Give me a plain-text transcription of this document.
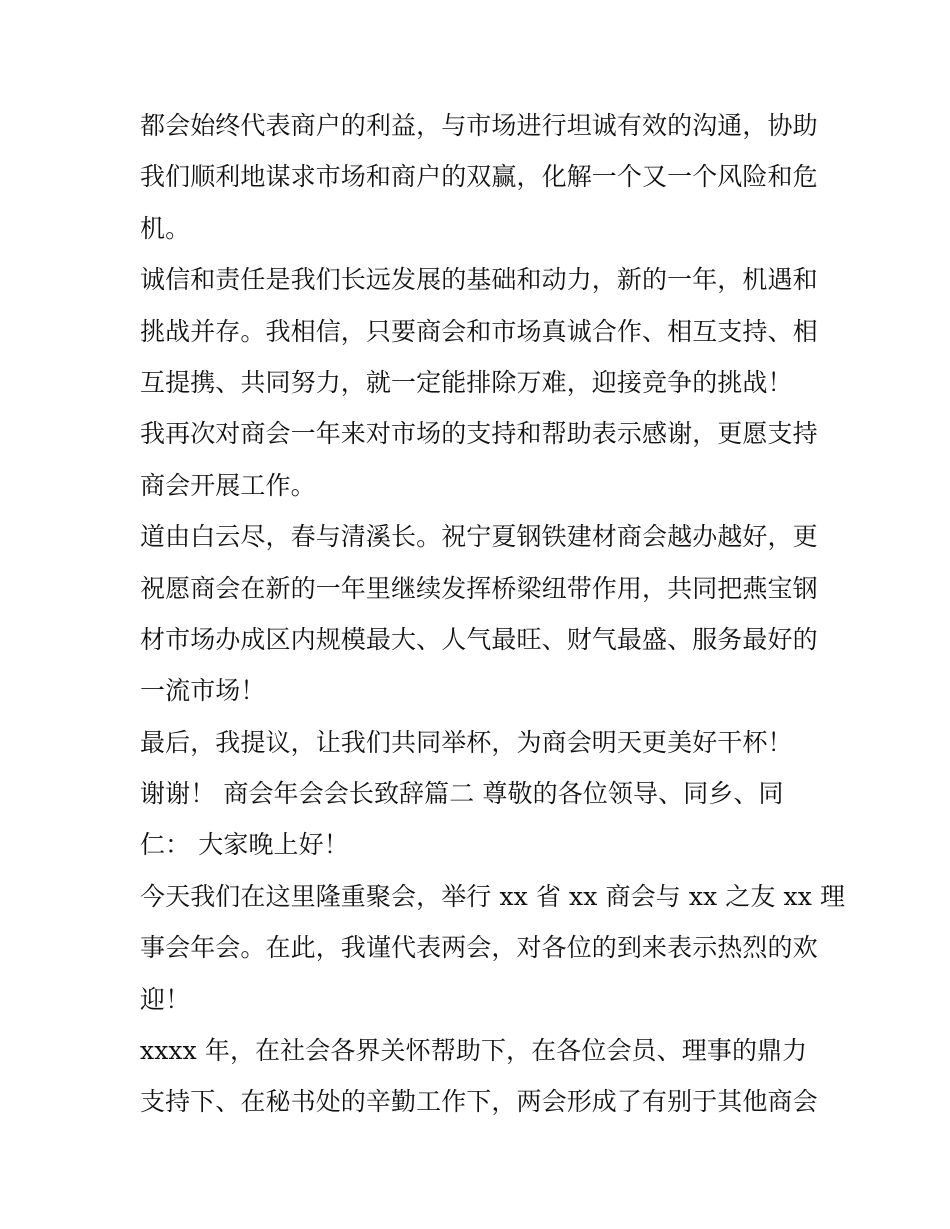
都会始终代表商户的利益，与市场进行坦诚有效的沟通，协助
我们顺利地谋求市场和商户的双赢，化解一个又一个风险和危
机。
诚信和责任是我们长远发展的基础和动力，新的一年，机遇和
挑战并存。我相信，只要商会和市场真诚合作、相互支持、相
互提携、共同努力，就一定能排除万难，迎接竞争的挑战！
我再次对商会一年来对市场的支持和帮助表示感谢，更愿支持
商会开展工作。
道由白云尽，春与清溪长。祝宁夏钢铁建材商会越办越好，更
祝愿商会在新的一年里继续发挥桥梁纽带作用，共同把燕宝钢
材市场办成区内规模最大、人气最旺、财气最盛、服务最好的
一流市场！
最后，我提议，让我们共同举杯，为商会明天更美好干杯！
谢谢！ 商会年会会长致辞篇二 尊敬的各位领导、同乡、同
仁： 大家晚上好！
今天我们在这里隆重聚会，举行 xx 省 xx 商会与 xx 之友 xx 理
事会年会。在此，我谨代表两会，对各位的到来表示热烈的欢
迎！
xxxx 年，在社会各界关怀帮助下，在各位会员、理事的鼎力
支持下、在秘书处的辛勤工作下，两会形成了有别于其他商会
